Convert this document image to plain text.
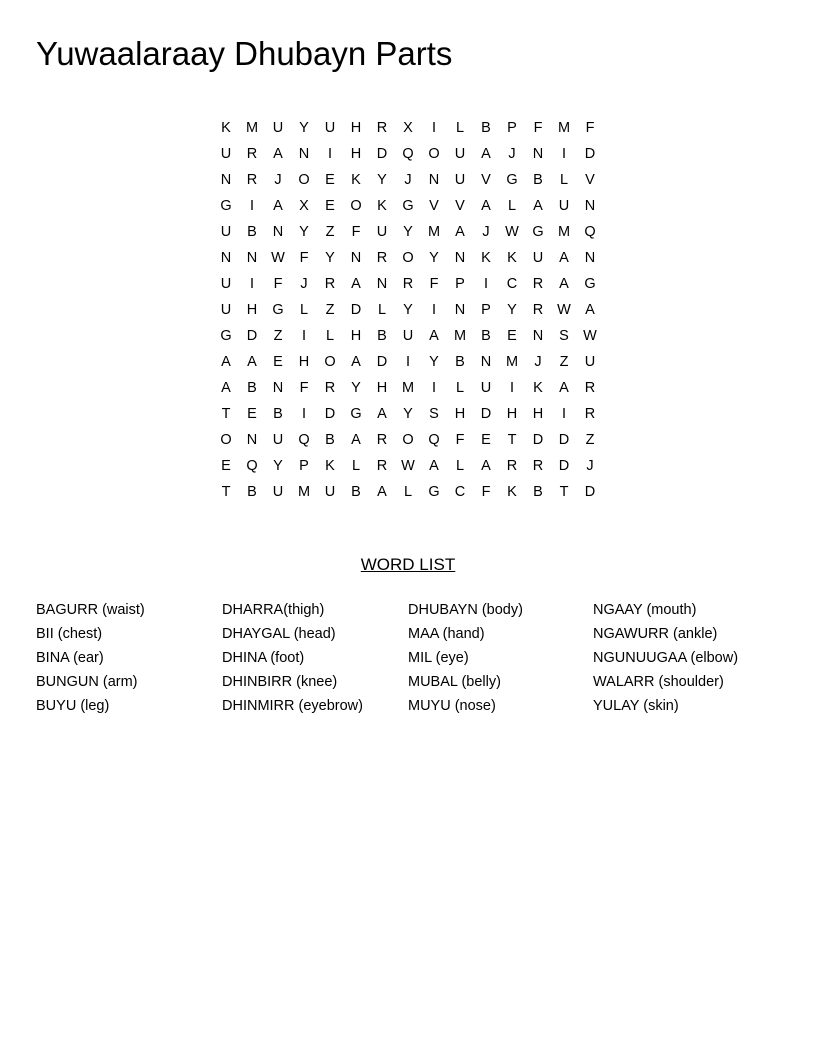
Yuwaalaraay Dhubayn Parts
K	M	U	Y	U	H	R	X	I	L	B	P	F	M	F
U	R	A	N	I	H	D	Q	O	U	A	J	N	I	D
N	R	J	O	E	K	Y	J	N	U	V	G	B	L	V
G	I	A	X	E	O	K	G	V	V	A	L	A	U	N
U	B	N	Y	Z	F	U	Y	M	A	J	W G M Q
N	N W	F	Y	N	R	O	Y	N	K	K	U	A	N
U	I	F	J	R	A	N	R	F	P	I	C	R	A	G
U	H	G	L	Z	D	L	Y	I	N	P	Y	R W A
G	D	Z	I	L	H	B	U	A	M	B	E	N	S W
A	A	E	H	O	A	D	I	Y	B	N	M	J	Z	U
A	B	N	F	R	Y	H	M	I	L	U	I	K	A	R
T	E	B	I	D	G	A	Y	S	H	D	H	H	I	R
O	N	U	Q	B	A	R	O	Q	F	E	T	D	D	Z
E	Q	Y	P	K	L	R W A	L	A	R	R	D	J
T	B	U	M	U	B	A	L	G	C	F	K	B	T	D
WORD LIST
BAGURR (waist)
BII (chest)
BINA (ear)
BUNGUN (arm)
BUYU (leg)
DHARRA(thigh)
DHAYGAL (head)
DHINA (foot)
DHINBIRR (knee)
DHINMIRR (eyebrow)
DHUBAYN (body)
MAA (hand)
MIL (eye)
MUBAL (belly)
MUYU (nose)
NGAAY (mouth)
NGAWURR (ankle)
NGUNUUGAA (elbow)
WALARR (shoulder)
YULAY (skin)
